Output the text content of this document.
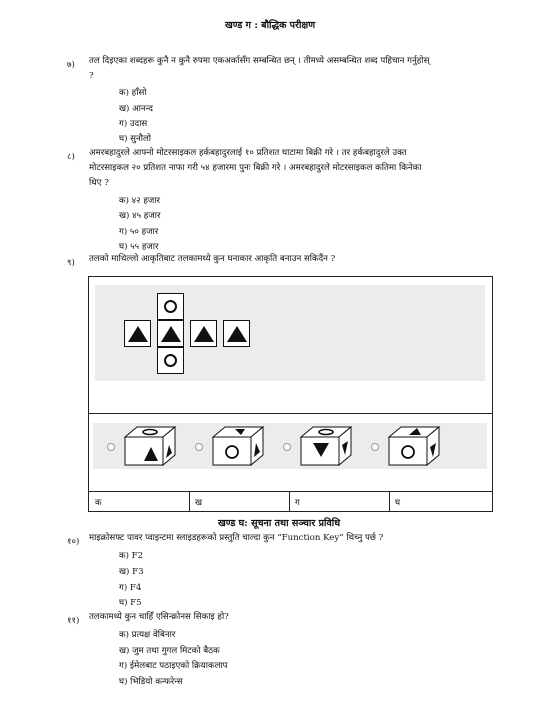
खण्ड ग : बौद्धिक परीक्षण
७) तल दिइएका शब्दहरू कुनै न कुनै रुपमा एकअर्कासँग सम्बन्धित छन् । तीमध्ये असम्बन्धित शब्द पहिचान गर्नुहोस्
?
क) हाँसो
ख) आनन्द
ग) उदास
घ) सुनौलो
८) अमरबहादुरले आफ्नो मोटरसाइकल हर्कबहादुरलाई १० प्रतिशत घाटामा बिक्री गरे । तर हर्कबहादुरले उक्त
मोटरसाइकल २० प्रतिशत नाफा गरी ५४ हजारमा पुनः बिक्री गरे । अमरबहादुरले मोटरसाइकल कतिमा किनेका
थिए ?
क) ४२ हजार
ख) ४५ हजार
ग) ५० हजार
घ) ५५ हजार
९) तलको माथिल्लो आकृतिबाट तलकामध्ये कुन घनाकार आकृति बनाउन सकिदैंन ?
क	ख	ग	घ
खण्ड घ: सूचना तथा सञ्चार प्रविधि
१०) माइक्रोसफ्ट पावर प्वाइन्टमा स्लाइडहरूको प्रस्तुति चाल्दा कुन “Function Key” थिच्नु पर्छ ?
क) F2
ख) F3
ग) F4
घ) F5
११) तलकामध्ये कुन चाहिँ एसिन्क्रोनस सिकाइ हो?
क) प्रत्यक्ष वेबिनार
ख) जुम तथा गुगल मिटको बैठक
ग) ईमेलबाट पठाइएको क्रियाकलाप
घ) भिडियो कन्फरेन्स
